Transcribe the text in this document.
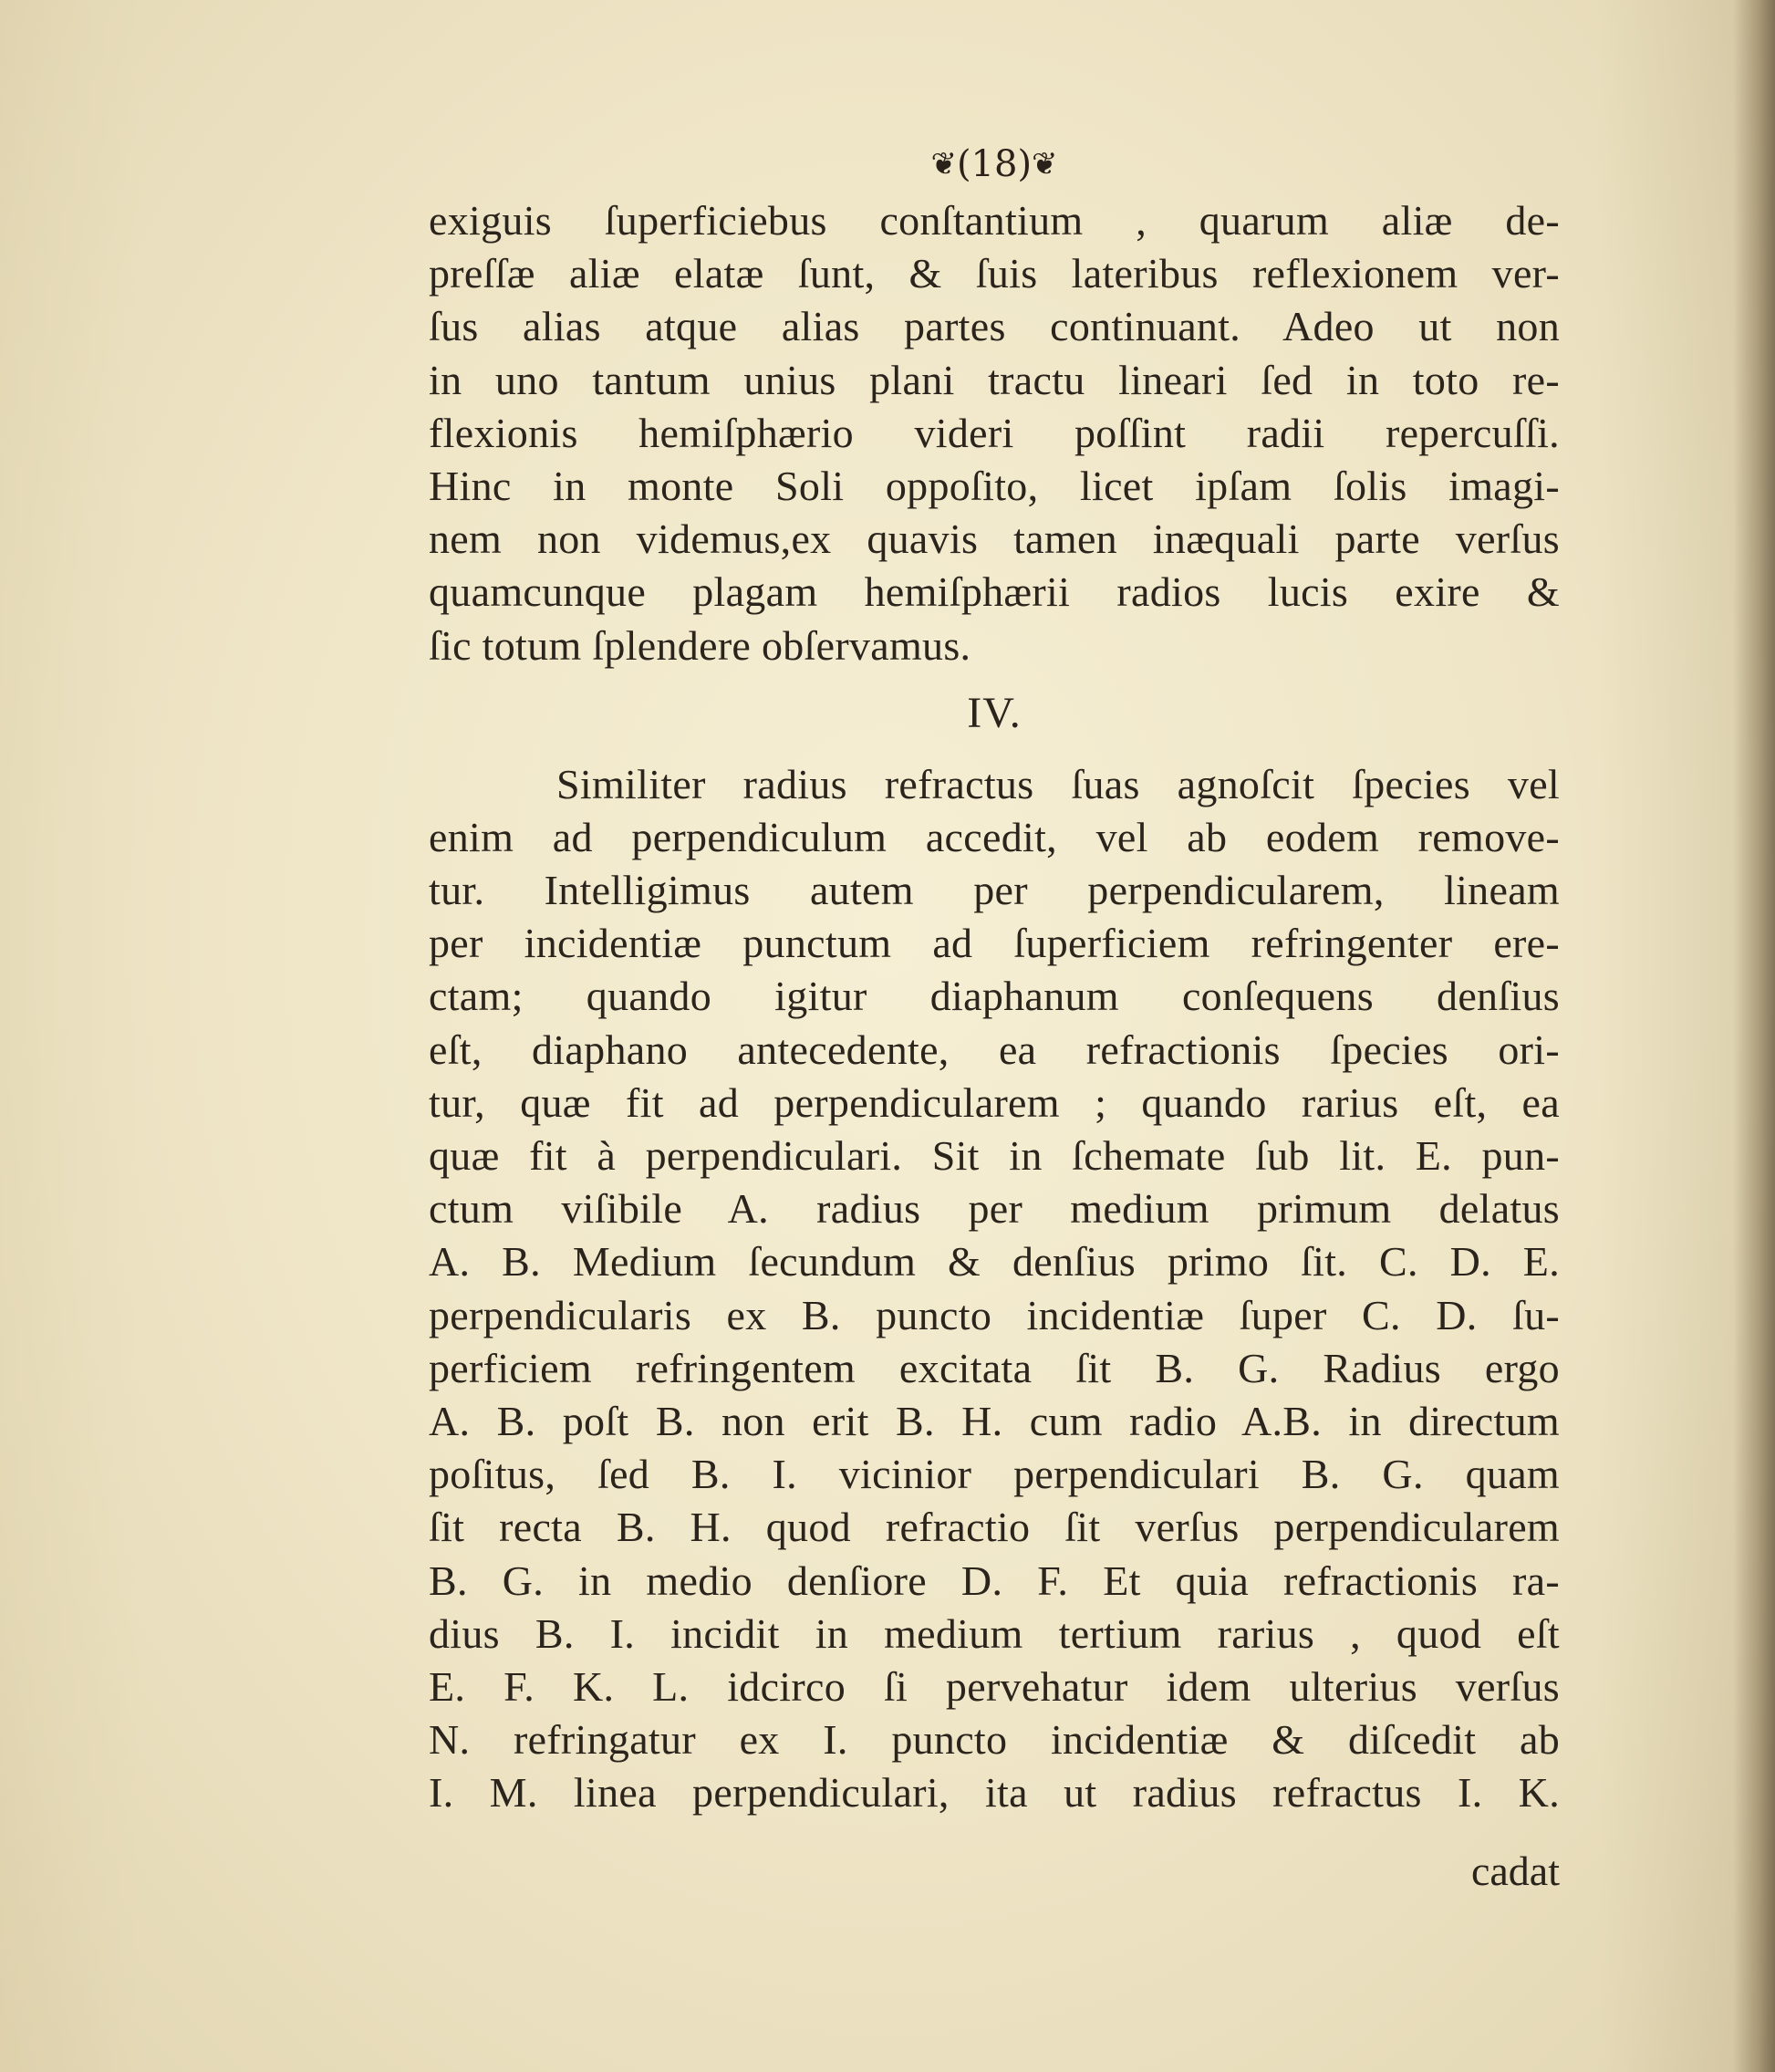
❦(18)❦
exiguis ſuperficiebus conſtantium , quarum aliæ de-
preſſæ aliæ elatæ ſunt, & ſuis lateribus reflexionem ver-
ſus alias atque alias partes continuant. Adeo ut non
in uno tantum unius plani tractu lineari ſed in toto re-
flexionis hemiſphærio videri poſſint radii repercuſſi.
Hinc in monte Soli oppoſito, licet ipſam ſolis imagi-
nem non videmus,ex quavis tamen inæquali parte verſus
quamcunque plagam hemiſphærii radios lucis exire &
ſic totum ſplendere obſervamus.
IV.
Similiter radius refractus ſuas agnoſcit ſpecies vel
enim ad perpendiculum accedit, vel ab eodem remove-
tur. Intelligimus autem per perpendicularem, lineam
per incidentiæ punctum ad ſuperficiem refringenter ere-
ctam; quando igitur diaphanum conſequens denſius
eſt, diaphano antecedente, ea refractionis ſpecies ori-
tur, quæ fit ad perpendicularem ; quando rarius eſt, ea
quæ fit à perpendiculari. Sit in ſchemate ſub lit. E. pun-
ctum viſibile A. radius per medium primum delatus
A. B. Medium ſecundum & denſius primo ſit. C. D. E.
perpendicularis ex B. puncto incidentiæ ſuper C. D. ſu-
perficiem refringentem excitata ſit B. G. Radius ergo
A. B. poſt B. non erit B. H. cum radio A.B. in directum
poſitus, ſed B. I. vicinior perpendiculari B. G. quam
ſit recta B. H. quod refractio ſit verſus perpendicularem
B. G. in medio denſiore D. F. Et quia refractionis ra-
dius B. I. incidit in medium tertium rarius , quod eſt
E. F. K. L. idcirco ſi pervehatur idem ulterius verſus
N. refringatur ex I. puncto incidentiæ & diſcedit ab
I. M. linea perpendiculari, ita ut radius refractus I. K.
cadat
